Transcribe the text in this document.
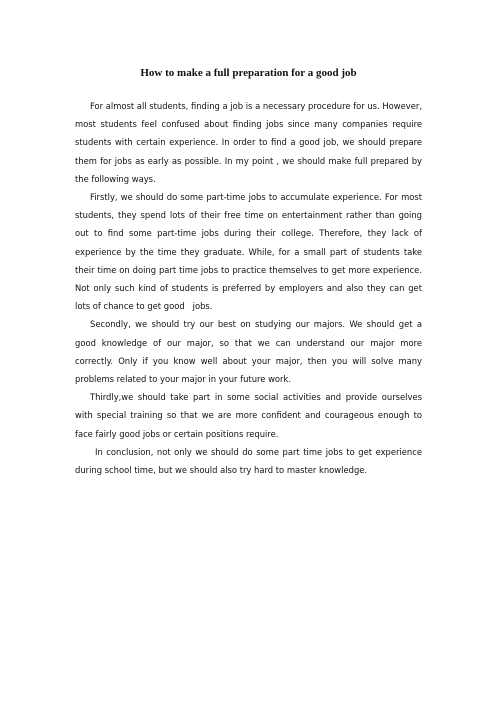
How to make a full preparation for a good job

For almost all students, finding a job is a necessary procedure for us. However, most students feel confused about finding jobs since many companies require students with certain experience. In order to find a good job, we should prepare them for jobs as early as possible. In my point , we should make full prepared by the following ways.

Firstly, we should do some part-time jobs to accumulate experience. For most students, they spend lots of their free time on entertainment rather than going out to find some part-time jobs during their college. Therefore, they lack of experience by the time they graduate. While, for a small part of students take their time on doing part time jobs to practice themselves to get more experience. Not only such kind of students is preferred by employers and also they can get lots of chance to get good   jobs.

Secondly, we should try our best on studying our majors. We should get a good knowledge of our major, so that we can understand our major more correctly. Only if you know well about your major, then you will solve many problems related to your major in your future work.

Thirdly,we should take part in some social activities and provide ourselves with special training so that we are more confident and courageous enough to face fairly good jobs or certain positions require.

In conclusion, not only we should do some part time jobs to get experience during school time, but we should also try hard to master knowledge.
